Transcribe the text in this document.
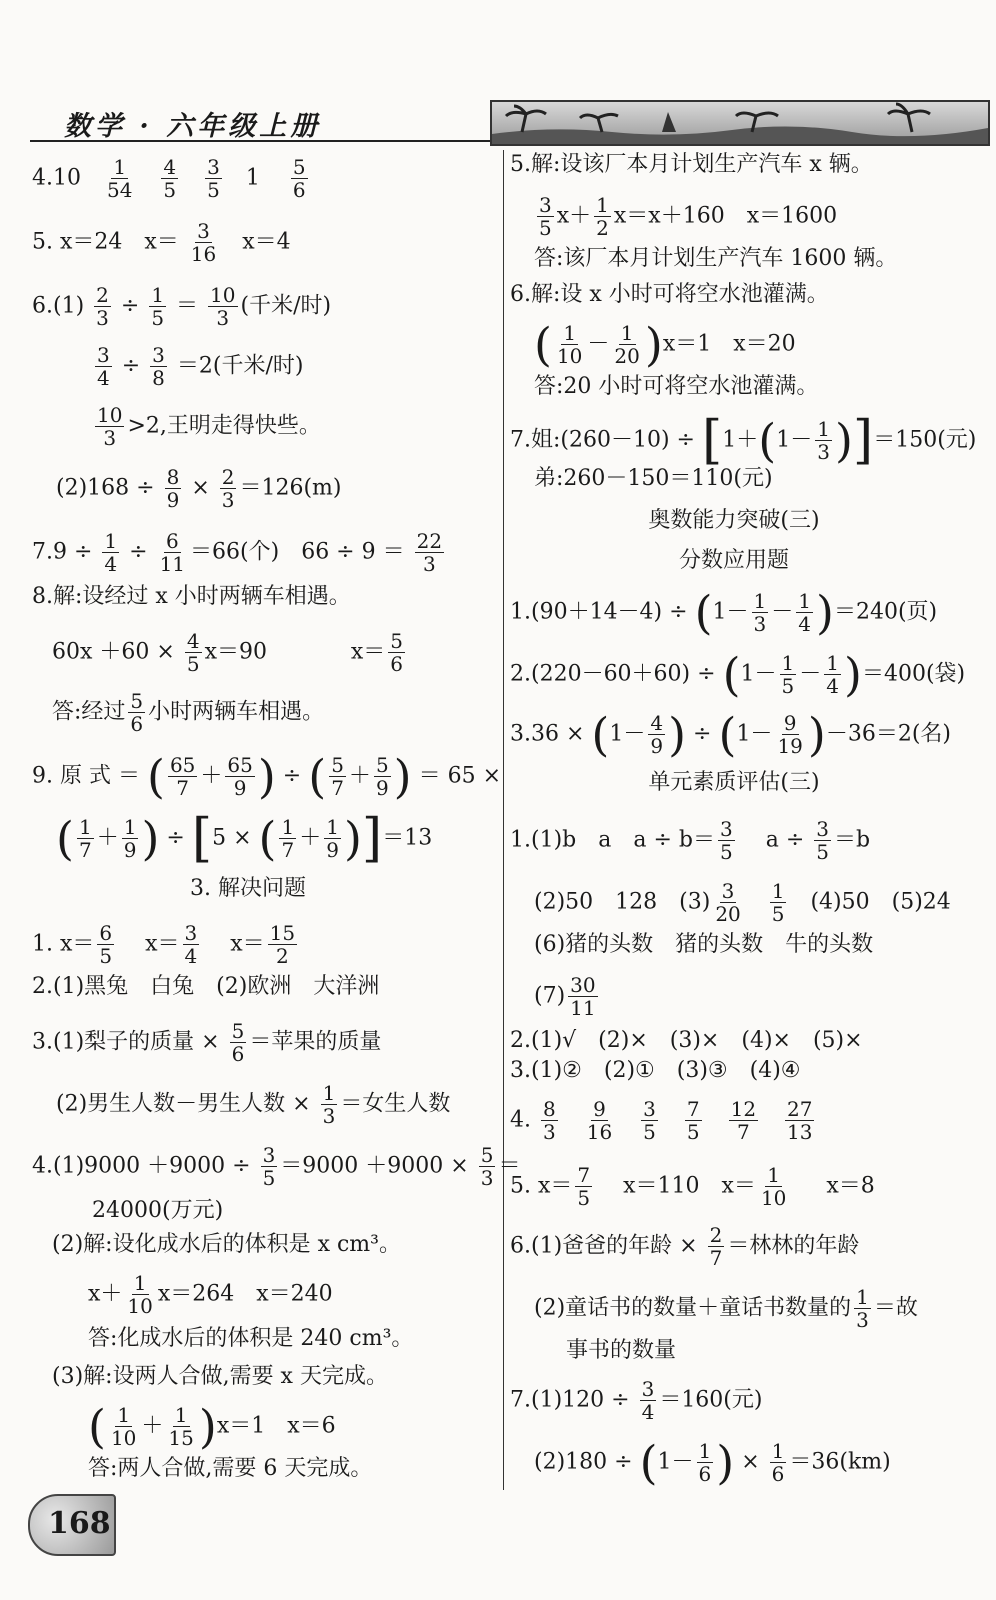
数学 · 六年级上册
$4.10 \frac{1}{54}$
$\frac{4}{5}$
$\frac{3}{5} 1 \frac{5}{6}$
5. x＝24　$x= \frac{3}{16} x=4$
$6.(1) \frac{2}{3} \div \frac{1}{5} = \frac{10}{3}$ (千米/时)
$\frac{3}{4} \div \frac{3}{8} =2$(千米/时)
$\frac{10}{3} >2$,王明走得快些。
$(2)168 \div \frac{8}{9} \times \frac{2}{3} =126(m)$
$7.9 \div \frac{1}{4} \div \frac{6}{11} =66$(个)　$66 \div 9 = \frac{22}{3}$
8.解:设经过 x 小时两辆车相遇。
$60x +60 \times \frac{4}{5} x=90$            $x= \frac{5}{6}$
答:经过 $\frac{5}{6}$ 小时两辆车相遇。
9. 原 式 ＝ ( $\frac{65}{7} + \frac{65}{9}$ ) ÷ ( $\frac{5}{7} + \frac{5}{9}$ ) ＝ 65 ×
( $\frac{1}{7} + \frac{1}{9}$ ) ÷ [5 × ( $\frac{1}{7} + \frac{1}{9} )]=13$
3. 解决问题
1. $x= \frac{6}{5} x= \frac{3}{4} x= \frac{15}{2}$
2.(1)黑兔　白兔　(2)欧洲　大洋洲
3.(1)梨子的质量 × $\frac{5}{6}$ ＝苹果的质量
(2)男生人数－男生人数 × $\frac{1}{3}$ ＝女生人数
$4.(1)9000 +9000 \div \frac{3}{5} =9000 +9000 \times \frac{5}{3}$ ＝
24000(万元)
(2)解:设化成水后的体积是 x cm³。
$x+ \frac{1}{10} x=264$　x＝240
答:化成水后的体积是 240 cm³。
(3)解:设两人合做,需要 x 天完成。
( $\frac{1}{10} + \frac{1}{15} )x=1$　x＝6
答:两人合做,需要 6 天完成。
5.解:设该厂本月计划生产汽车 x 辆。
$\frac{3}{5} x+ \frac{1}{2} x=x+160$　x＝1600
答:该厂本月计划生产汽车 1600 辆。
6.解:设 x 小时可将空水池灌满。
( $\frac{1}{10} - \frac{1}{20} )x=1$　x＝20
答:20 小时可将空水池灌满。
7.姐:(260－10) ÷ $[1+(1- \frac{1}{3} )]=150$(元)
弟:260－150＝110(元)
奥数能力突破(三)
分数应用题
$1.(90+14-4) \div (1- \frac{1}{3} - \frac{1}{4} )=240$(页)
$2.(220-60+60) \div (1- \frac{1}{5} - \frac{1}{4} )=400$(袋)
$3.36 \times (1- \frac{4}{9}$ ) ÷ $(1- \frac{9}{19} )-36=2$(名)
单元素质评估(三)
1.(1)b　a　$a \div b= \frac{3}{5}$ $a \div \frac{3}{5} =b$
(2)50　128　$(3) \frac{3}{20}$
$\frac{1}{5} (4)50$　(5)24
(6)猪的头数　猪的头数　牛的头数
$(7) \frac{30}{11}$
2.(1)√　(2)×　(3)×　(4)×　(5)×
3.(1)②　(2)①　(3)③　(4)④
4. $\frac{8}{3}$
$\frac{9}{16}$
$\frac{3}{5}$
$\frac{7}{5}$
$\frac{12}{7}$
$\frac{27}{13}$
5. $x= \frac{7}{5} x=110$　$x= \frac{1}{10} x=8$
6.(1)爸爸的年龄 × $\frac{2}{7}$ ＝林林的年龄
(2)童话书的数量＋童话书数量的 $\frac{1}{3}$ ＝故
事书的数量
$7.(1)120 \div \frac{3}{4} =160$(元)
$(2)180 \div (1- \frac{1}{6}$ ) × $\frac{1}{6} =36(km)$
168
